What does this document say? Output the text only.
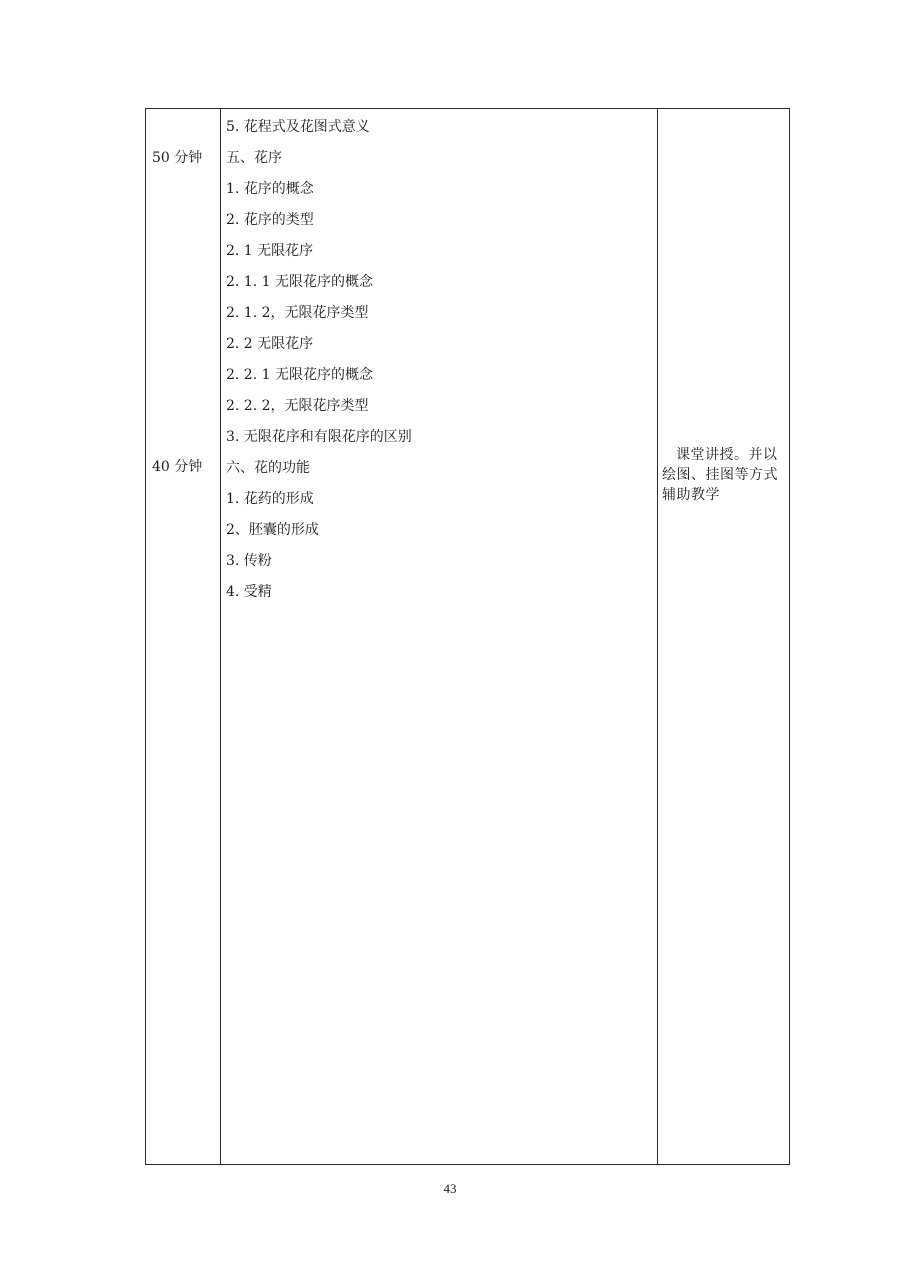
50 分钟
40 分钟
5. 花程式及花图式意义
五、花序
1. 花序的概念
2. 花序的类型
2. 1 无限花序
2. 1. 1 无限花序的概念
2. 1. 2，无限花序类型
2. 2 无限花序
2. 2. 1 无限花序的概念
2. 2. 2，无限花序类型
3. 无限花序和有限花序的区别
六、花的功能
1. 花药的形成
2、胚囊的形成
3. 传粉
4. 受精
课堂讲授。并以绘图、挂图等方式辅助教学
43
